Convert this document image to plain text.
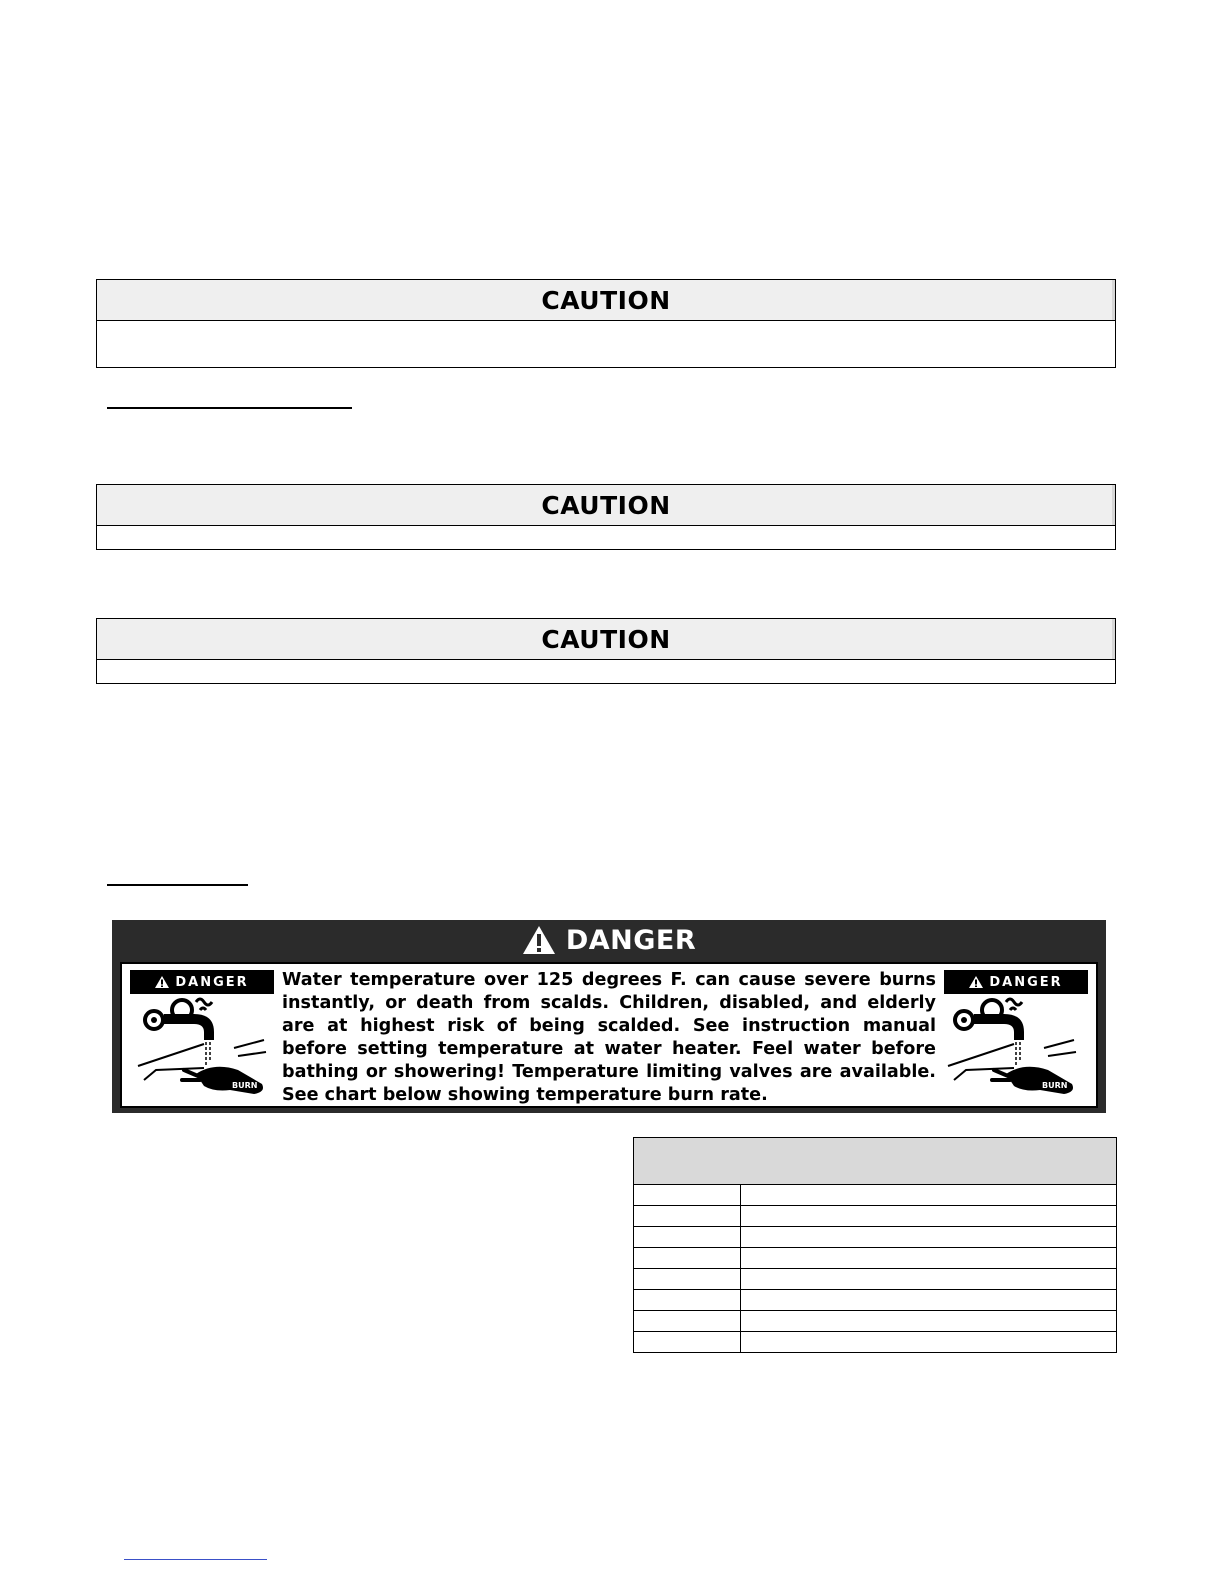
CAUTION
CAUTION
CAUTION
DANGER
DANGER	DANGER
BURN	BURN
Water temperature over 125 degrees F. can cause severe burns instantly, or death from scalds. Children, disabled, and elderly are at highest risk of being scalded. See instruction manual before setting temperature at water heater. Feel water before bathing or showering! Temperature limiting valves are available. See chart below showing temperature burn rate.
